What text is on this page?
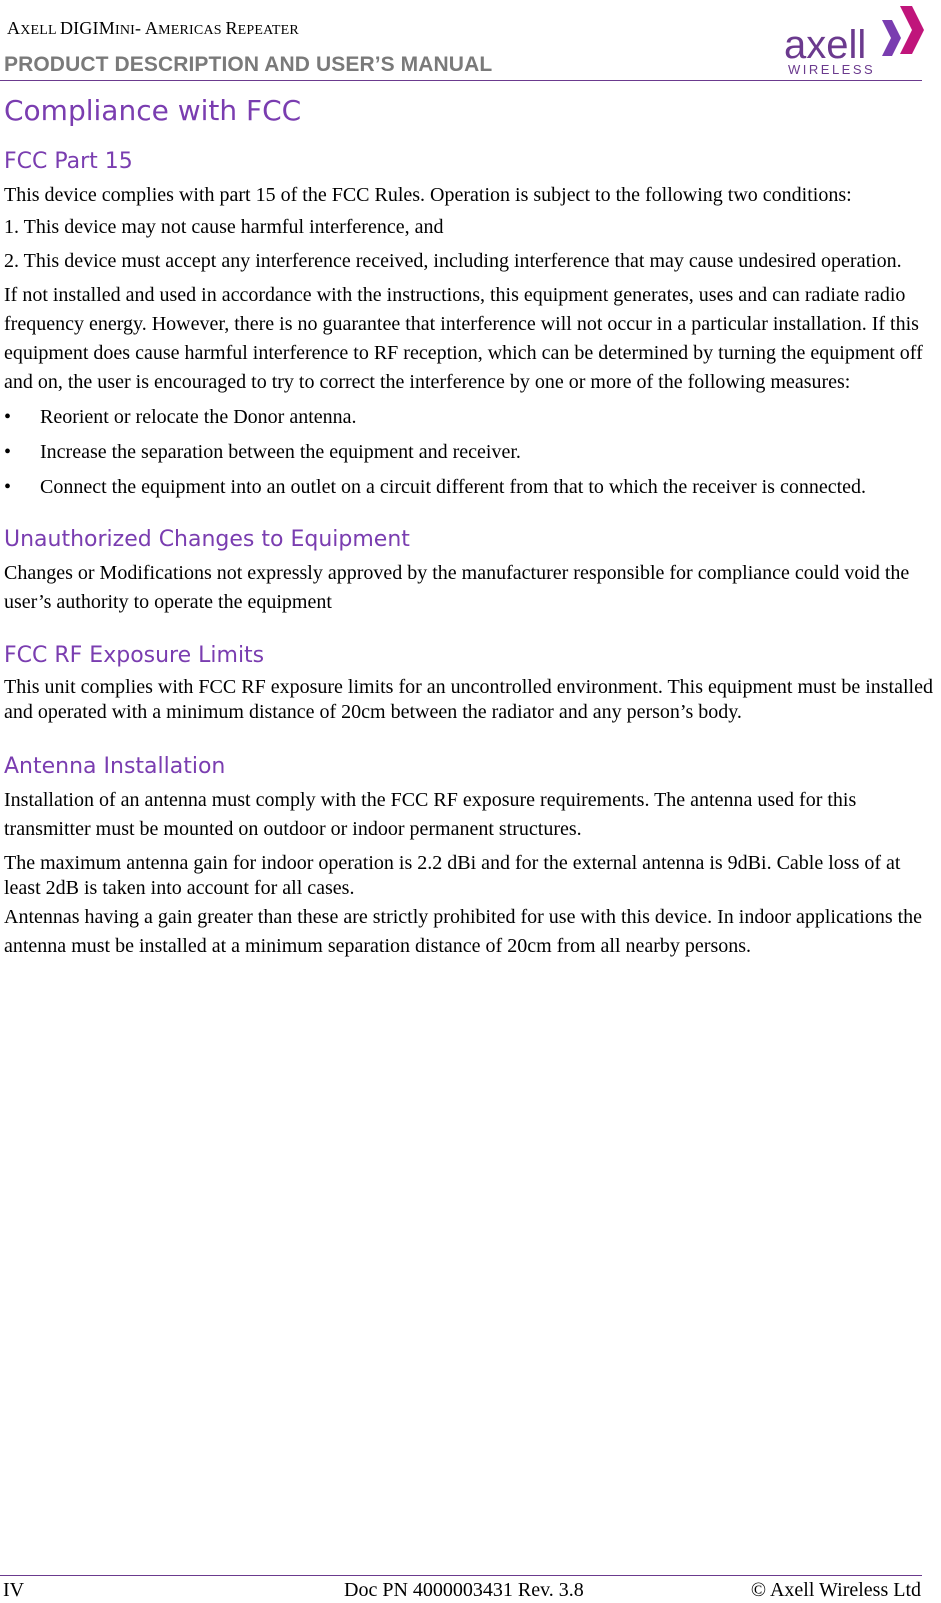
AXELL DIGIMINI- AMERICAS REPEATER
PRODUCT DESCRIPTION AND USER’S MANUAL	axell
WIRELESS
Compliance with FCC
FCC Part 15

This device complies with part 15 of the FCC Rules. Operation is subject to the following two conditions:

1. This device may not cause harmful interference, and

2. This device must accept any interference received, including interference that may cause undesired operation.

If not installed and used in accordance with the instructions, this equipment generates, uses and can radiate radio frequency energy. However, there is no guarantee that interference will not occur in a particular installation. If this equipment does cause harmful interference to RF reception, which can be determined by turning the equipment off and on, the user is encouraged to try to correct the interference by one or more of the following measures:

• Reorient or relocate the Donor antenna.
• Increase the separation between the equipment and receiver.
• Connect the equipment into an outlet on a circuit different from that to which the receiver is connected.
Unauthorized Changes to Equipment

Changes or Modifications not expressly approved by the manufacturer responsible for compliance could void the user’s authority to operate the equipment

FCC RF Exposure Limits

This unit complies with FCC RF exposure limits for an uncontrolled environment. This equipment must be installed and operated with a minimum distance of 20cm between the radiator and any person’s body.

Antenna Installation

Installation of an antenna must comply with the FCC RF exposure requirements. The antenna used for this transmitter must be mounted on outdoor or indoor permanent structures.

The maximum antenna gain for indoor operation is 2.2 dBi and for the external antenna is 9dBi. Cable loss of at least 2dB is taken into account for all cases.

Antennas having a gain greater than these are strictly prohibited for use with this device. In indoor applications the antenna must be installed at a minimum separation distance of 20cm from all nearby persons.

IV	Doc PN 4000003431 Rev. 3.8	© Axell Wireless Ltd
